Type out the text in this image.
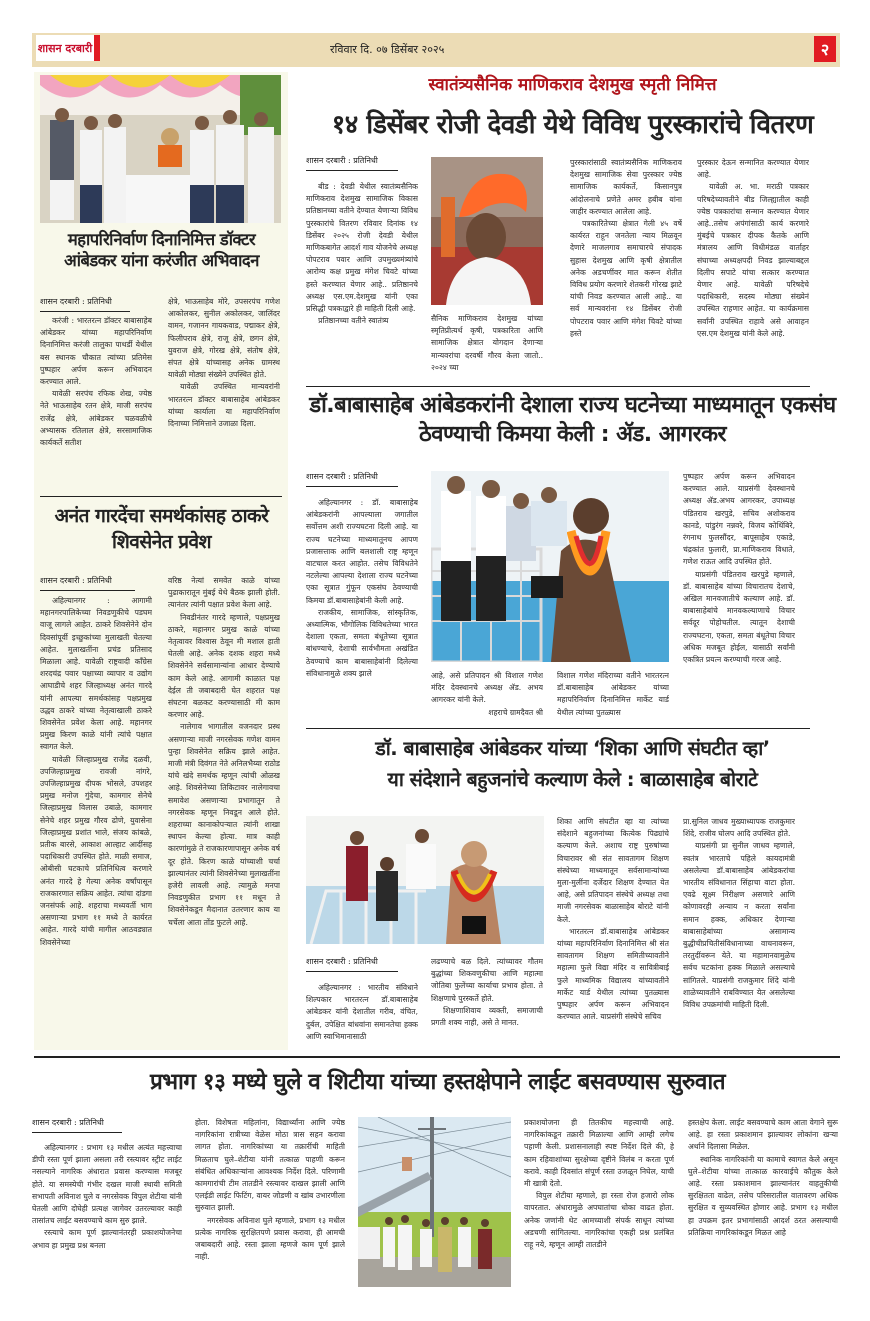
शासन दरबारी	रविवार दि. ०७ डिसेंबर २०२५	२
महापरिनिर्वाण दिनानिमित्त डॉक्टर आंबेडकर यांना करंजीत अभिवादन
शासन दरबारी : प्रतिनिधी

करंजी : भारतरत्न डॉक्टर बाबासाहेब आंबेडकर यांच्या महापरिनिर्वाण दिनानिमित्त करंजी तालुका पाथर्डी येथील बस स्थानक चौकात त्यांच्या प्रतिमेस पुष्पहार अर्पण करून अभिवादन करण्यात आले.

यावेळी सरपंच रफिक शेख, ज्येष्ठ नेते भाऊसाहेब रतन क्षेत्रे, माजी सरपंच राजेंद्र क्षेत्रे, आंबेडकर चळवळीचे अभ्यासक रतिलाल क्षेत्रे, सरसामाजिक कार्यकर्ते सतीश

क्षेत्रे, भाऊसाहेब मोरे, उपसरपंच गणेश आकोलकर, सुनील अकोलकर, जालिंदर वामन, गजानन गायकवाड, पद्माकर क्षेत्रे, फिलीपराव क्षेत्रे, राजू क्षेत्रे, छगन क्षेत्रे, युवराज क्षेत्रे, गोरख क्षेत्रे, संतोष क्षेत्रे, संपत क्षेत्रे यांच्यासह अनेक ग्रामस्थ यावेळी मोठ्या संख्येने उपस्थित होते.

यावेळी उपस्थित मान्यवरांनी भारतरत्न डॉक्टर बाबासाहेब आंबेडकर यांच्या कार्याला या महापरिनिर्वाण दिनाच्या निमित्ताने उजाळा दिला.

अनंत गारदेंचा समर्थकांसह ठाकरे शिवसेनेत प्रवेश
शासन दरबारी : प्रतिनिधी

अहिल्यानगर : आगामी महानगरपालिकेच्या निवडणुकीचे पडघम वाजू लागले आहेत. ठाकरे शिवसेनेने दोन दिवसांपूर्वी इच्छुकांच्या मुलाखती घेतल्या आहेत. मुलाखतींना प्रचंड प्रतिसाद मिळाला आहे. यावेळी राष्ट्रवादी काँग्रेस शरदचंद्र पवार पक्षाच्या व्यापार व उद्योग आघाडीचे शहर जिल्हाध्यक्ष अनंत गारदे यांनी आपल्या समर्थकांसह पक्षप्रमुख उद्धव ठाकरे यांच्या नेतृत्वाखाली ठाकरे शिवसेनेत प्रवेश केला आहे. महानगर प्रमुख किरण काळे यांनी त्यांचे पक्षात स्वागत केले.

यावेळी जिल्हाप्रमुख राजेंद्र दळवी, उपजिल्हाप्रमुख रावजी नांगरे, उपजिल्हाप्रमुख दीपक भोसले, उपशहर प्रमुख मनोज गुंदेचा, कामगार सेनेचे जिल्हाप्रमुख विलास उबाळे, कामगार सेनेचे शहर प्रमुख गौरव ढोणे, युवासेना जिल्हाप्रमुख प्रशांत भाले, संजय कांबळे, प्रतीक बारसे, आकाश आल्हाट आदींसह पदाधिकारी उपस्थित होते. माळी समाज, ओबीसी घटकाचे प्रतिनिधित्व करणारे अनंत गारदे हे गेल्या अनेक वर्षांपासून राजकारणात सक्रिय आहेत. त्यांचा दांडगा जनसंपर्क आहे. शहराचा मध्यवर्ती भाग असणाऱ्या प्रभाग ११ मध्ये ते कार्यरत आहेत. गारदे यांची मागील आठवड्यात शिवसेनेच्या

वरिष्ठ नेत्यां समवेत काळे यांच्या पुढाकारातून मुंबई येथे बैठक झाली होती. त्यानंतर त्यांनी पक्षात प्रवेश केला आहे.

निवडीनंतर गारदे म्हणाले, पक्षप्रमुख ठाकरे, महानगर प्रमुख काळे यांच्या नेतृत्वावर विश्वास ठेवून मी मशाल हाती घेतली आहे. अनेक दशक शहरा मध्ये शिवसेनेने सर्वसामान्यांना आधार देण्याचे काम केले आहे. आगामी काळात पक्ष देईल ती जबाबदारी घेत शहरात पक्ष संघटना बळकट करण्यासाठी मी काम करणार आहे.

नालेगाव भागातील वजनदार प्रस्थ असणाऱ्या माजी नगरसेवक गणेश वामन पुन्हा शिवसेनेत सक्रिय झाले आहेत. माजी मंत्री दिवंगत नेते अनिलभैय्या राठोड यांचे खंदे समर्थक म्हणून त्यांची ओळख आहे. शिवसेनेच्या तिकिटावर नालेगावचा समावेश असणाऱ्या प्रभागातून ते नगरसेवक म्हणून निवडून आले होते. शहराच्या कानाकोपऱ्यात त्यांनी शाखा स्थापन केल्या होत्या. मात्र काही कारणांमुळे ते राजकारणापासून अनेक वर्ष दूर होते. किरण काळे यांच्याशी चर्चा झाल्यानंतर त्यांनी शिवसेनेच्या मुलाखतींना हजेरी लावली आहे. त्यामुळे मनपा निवडणुकीत प्रभाग ११ मधून ते शिवसेनेकडून मैदानात उतरणार काय या चर्चेला आता तोंड फुटले आहे.

स्वातंत्र्यसैनिक माणिकराव देशमुख स्मृती निमित्त
१४ डिसेंबर रोजी देवडी येथे विविध पुरस्कारांचे वितरण
शासन दरबारी : प्रतिनिधी

बीड : देवडी येथील स्वातंत्र्यसैनिक माणिकराव देशमुख सामाजिक विकास प्रतिष्ठानच्या वतीने देण्यात येणाऱ्या विविध पुरस्कारांचे वितरण रविवार दिनांक १४ डिसेंबर २०२५ रोजी देवडी येथील माणिकबागेत आदर्श गाव योजनेचे अध्यक्ष पोपटराव पवार आणि उपमुख्यमंत्र्यांचे आरोग्य कक्ष प्रमुख मंगेश चिवटे यांच्या हस्ते करण्यात येणार आहे.. प्रतिष्ठानचे अध्यक्ष एस.एम.देशमुख यांनी एका प्रसिद्धी पत्रकाद्वारे ही माहिती दिली आहे.

प्रतिष्ठानच्या वतीने स्वातंत्र्य	सैनिक माणिकराव देशमुख यांच्या स्मृतिप्रीत्यर्थ कृषी, पत्रकारिता आणि सामाजिक क्षेत्रात योगदान देणाऱ्या मान्यवरांचा दरवर्षी गौरव केला जातो.. २०२४ च्या

पुरस्कारांसाठी स्वातंत्र्यसैनिक माणिकराव देशमुख सामाजिक सेवा पुरस्कार ज्येष्ठ सामाजिक कार्यकर्ते, किसानपुत्र आंदोलनाचे प्रणेते अमर हबीब यांना जाहीर करण्यात आलेला आहे.

पत्रकारितेच्या क्षेत्रात गेली ४५ वर्षे कार्यरत राहून जनतेला न्याय मिळवून देणारे माजलगाव समाचारचे संपादक सुहास देशमुख आणि कृषी क्षेत्रातील अनेक अडचणींवर मात करून शेतीत विविध प्रयोग करणारे शेतकरी गोरख झाटे यांची निवड करण्यात आली आहे.. या सर्व मान्यवरांना १४ डिसेंबर रोजी पोपटराव पवार आणि मंगेश चिवटे यांच्या हस्ते

पुरस्कार देऊन सन्मानित करण्यात येणार आहे.

यावेळी अ. भा. मराठी पत्रकार परिषदेच्यावतीने बीड जिल्ह्यातील काही ज्येष्ठ पत्रकारांचा सन्मान करण्यात येणार आहे..तसेच अपंगांसाठी कार्य करणारे मुंबईचे पत्रकार दीपक कैतके आणि मंत्रालय आणि विधीमंडळ वार्ताहर संघाच्या अध्यक्षपदी निवड झाल्याबद्दल दिलीप सपाटे यांचा सत्कार करण्यात येणार आहे. यावेळी परिषदेचे पदाधिकारी, सदस्य मोठ्या संख्येनं उपस्थित राहणार आहेत. या कार्यक्रमास सर्वांनी उपस्थित राहावे असे आवाहन एस.एम देशमुख यांनी केले आहे.

डॉ.बाबासाहेब आंबेडकरांनी देशाला राज्य घटनेच्या माध्यमातून एकसंघ ठेवण्याची किमया केली : ॲड. आगरकर
शासन दरबारी : प्रतिनिधी

अहिल्यानगर : डॉ. बाबासाहेब आंबेडकरांनी आपल्याला जगातील सर्वोत्तम अशी राज्यघटना दिली आहे. या राज्य घटनेच्या माध्यमातूनच आपण प्रजासत्ताक आणि बलशाली राष्ट्र म्हणून वाटचाल करत आहोत. तसेच विविधतेने नटलेल्या आपल्या देशाला राज्य घटनेच्या एका सूत्रात गुंफून एकसंघ ठेवण्याची किमया डॉ.बाबासाहेबांनी केली आहे.

राजकीय, सामाजिक, सांस्कृतिक, अध्यात्मिक, भौगोलिक विविधतेच्या भारत देशाला एकता, समता बंधूतेच्या सूत्रात बांधण्याचे, देशाची सार्वभौमता अखंडित ठेवण्याचे काम बाबासाहेबांनी दिलेल्या संविधानामुळे शक्य झाले	आहे, असे प्रतिपादन श्री विशाल गणेश मंदिर देवस्थानचे अध्यक्ष ॲड. अभय आगरकर यांनी केले.

शहराचे ग्रामदैवत श्री

विशाल गणेश मंदिराच्या वतीने भारतरत्न डॉ.बाबासाहेब आंबेडकर यांच्या महापरिनिर्वाण दिनानिमित्त मार्केट यार्ड येथील त्यांच्या पुतळ्यास

पुष्पहार अर्पण करून अभिवादन करण्यात आले. याप्रसंगी देवस्थानचे अध्यक्ष ॲड.अभय आगरकर, उपाध्यक्ष पंडितराव खरपुडे, सचिव अशोकराव कानडे, पांडुरंग नन्नवरे, विजय कोथिंबिरे, रंगनाथ फुलसौंदर, बापूसाहेब एकाडे, चंद्रकांत फुलारी, प्रा.माणिकराव विधाते, गणेश राऊत आदि उपस्थित होते.

याप्रसंगी पंडितराव खरपुडे म्हणाले, डॉ. बाबासाहेब यांच्या विचारातच देशाचे, अखिल मानवजातीचे कल्याण आहे. डॉ. बाबासाहेबांचे मानवकल्याणाचे विचार सर्वदूर पोहोचतील. त्यातून देशाची राज्यघटना, एकता, समता बंधूतेचा विचार अधिक मजबूत होईल, यासाठी सर्वांनी एकत्रित प्रयत्न करण्याची गरज आहे.

डॉ. बाबासाहेब आंबेडकर यांच्या ‘शिका आणि संघटीत व्हा’
या संदेशाने बहुजनांचे कल्याण केले : बाळासाहेब बोराटे
शासन दरबारी : प्रतिनिधी

अहिल्यानगर : भारतीय संविधाने शिल्पकार भारतरत्न डॉ.बाबासाहेब आंबेडकर यांनी देशातील गरीब, वंचित, दुर्बल, उपेक्षित बांधवांना समानतेचा हक्क आणि स्वाभिमानासाठी

लढण्याचे बळ दिले. त्यांच्यावर गौतम बुद्धांच्या शिकवणुकीचा आणि महात्मा जोतिबा फुलेंच्या कार्याचा प्रभाव होता. ते शिक्षणाचे पुरस्कर्ते होते.

शिक्षणाशिवाय व्यक्ती, समाजाची प्रगती शक्य नाही, असे ते मानत.

शिका आणि संघटीत व्हा या त्यांच्या संदेशाने बहुजनांच्या कित्येक पिढ्यांचे कल्याण केले. अशाच राष्ट्र पुरुषांच्या विचारावर श्री संत सावतागम शिक्षण संस्थेच्या माध्यमातून सर्वसामान्यांच्या मुला-मुलींना दर्जेदार शिक्षण देण्यात येत आहे, असे प्रतिपादन संस्थेचे अध्यक्ष तथा माजी नगरसेवक बाळासाहेब बोराटे यांनी केले.

भारतरत्न डॉ.बाबासाहेब आंबेडकर यांच्या महापरिनिर्वाण दिनानिमित्त श्री संत सावतागम शिक्षण समितीच्यावतीने महात्मा फुले विद्या मंदिर व सावित्रीबाई फुले माध्यमिक विद्यालय यांच्यावतीने मार्केट यार्ड येथील त्यांच्या पुतळ्यास पुष्पहार अर्पण करून अभिवादन करण्यात आले. याप्रसंगी संस्थेचे सचिव

प्रा.सुनिल जाधव मुख्याध्यापक राजकुमार शिंदे, राजीव घोलप आदि उपस्थित होते.

याप्रसंगी प्रा सुनील जाधव म्हणाले, स्वतंत्र भारताचे पहिले कायदामंत्री असलेल्या डॉ.बाबासाहेब आंबेडकरांचा भारतीय संविधानात सिंहाचा वाटा होता. एवढे सूक्ष्म निरीक्षण असणारे आणि कोणावरही अन्याय न करता सर्वांना समान हक्क, अधिकार देणार्‍या बाबासाहेबांच्या असामान्य बुद्धीचीप्रचितीसंविधानाच्या वाचनावरून, तरतुदींवरून येते. या महामानवामुळेच सर्वच घटकांना हक्क मिळाले असल्याचे सांगितले. याप्रसंगी राजकुमार शिंदे यांनी शाळेच्यावतीने राबविण्यात येत असलेल्या विविध उपक्रमांची माहिती दिली.

प्रभाग १३ मध्ये घुले व शिटीया यांच्या हस्तक्षेपाने लाईट बसवण्यास सुरुवात
शासन दरबारी : प्रतिनिधी

अहिल्यानगर : प्रभाग १३ मधील अत्यंत महत्त्वाचा डीपी रस्ता पूर्ण झाला असला तरी रस्त्यावर स्ट्रीट लाईट नसल्याने नागरिक अंधारात प्रवास करण्यास मजबूर होते. या समस्येची गंभीर दखल माजी स्थायी समिती सभापती अविनाश घुले व नगरसेवक विपुल शेटीया यांनी घेतली आणि दोघेही प्रत्यक्ष जागेवर उतरल्यावर काही तासांतच लाईट बसवण्याचे काम सुरु झाले.

रस्त्याचे काम पूर्ण झाल्यानंतरही प्रकाशयोजनेचा अभाव हा प्रमुख प्रश्न बनला

होता. विशेषतः महिलांना, विद्यार्थ्यांना आणि ज्येष्ठ नागरिकांना रात्रीच्या वेळेस मोठा त्रास सहन करावा लागत होता. नागरिकांच्या या तक्रारींची माहिती मिळताच घुले–शेटीया यांनी तत्काळ पाहणी करून संबंधित अधिकाऱ्यांना आवश्यक निर्देश दिले. परिणामी कामगारांची टीम तातडीने रस्त्यावर दाखल झाली आणि एलईडी लाईट फिटिंग, वायर जोडणी व खांब उभारणीला सुरुवात झाली.

नगरसेवक अविनाश घुले म्हणाले, प्रभाग १३ मधील प्रत्येक नागरिक सुरक्षितपणे प्रवास करावा, ही आमची जबाबदारी आहे. रस्ता झाला म्हणजे काम पूर्ण झाले नाही.

प्रकाशयोजना ही तितकीच महत्त्वाची आहे. नागरिकांकडून तक्रारी मिळाल्या आणि आम्ही लगेच पहाणी केली. प्रशासनालाही स्पष्ट निर्देश दिले की, हे काम रहिवाशांच्या सुरक्षेच्या दृष्टीने विलंब न करता पूर्ण करावे. काही दिवसांत संपूर्ण रस्ता उजळून निघेल, याची मी खात्री देतो.

विपुल शेटीया म्हणाले, हा रस्ता रोज हजारो लोक वापरतात. अंधारामुळे अपघातांचा धोका वाढत होता. अनेक जणांनी थेट आमच्याशी संपर्क साधून त्यांच्या अडचणी सांगितल्या. नागरिकांचा एकही प्रश्न प्रलंबित राहू नये, म्हणून आम्ही तातडीने

हस्तक्षेप केला. लाईट बसवण्याचे काम आता वेगाने सुरू आहे. हा रस्ता प्रकाशमान झाल्यावर लोकांना खऱ्या अर्थाने दिलासा मिळेल.

स्थानिक नागरिकांनी या कामाचे स्वागत केले असून घुले–शेटीया यांच्या तात्काळ कारवाईचे कौतुक केले आहे. रस्ता प्रकाशमान झाल्यानंतर वाहतुकीची सुरक्षितता वाढेल, तसेच परिसरातील वातावरण अधिक सुरक्षित व सुव्यवस्थित होणार आहे. प्रभाग १३ मधील हा उपक्रम इतर प्रभागांसाठी आदर्श ठरत असल्याची प्रतिक्रिया नागरिकांकडून मिळत आहे
